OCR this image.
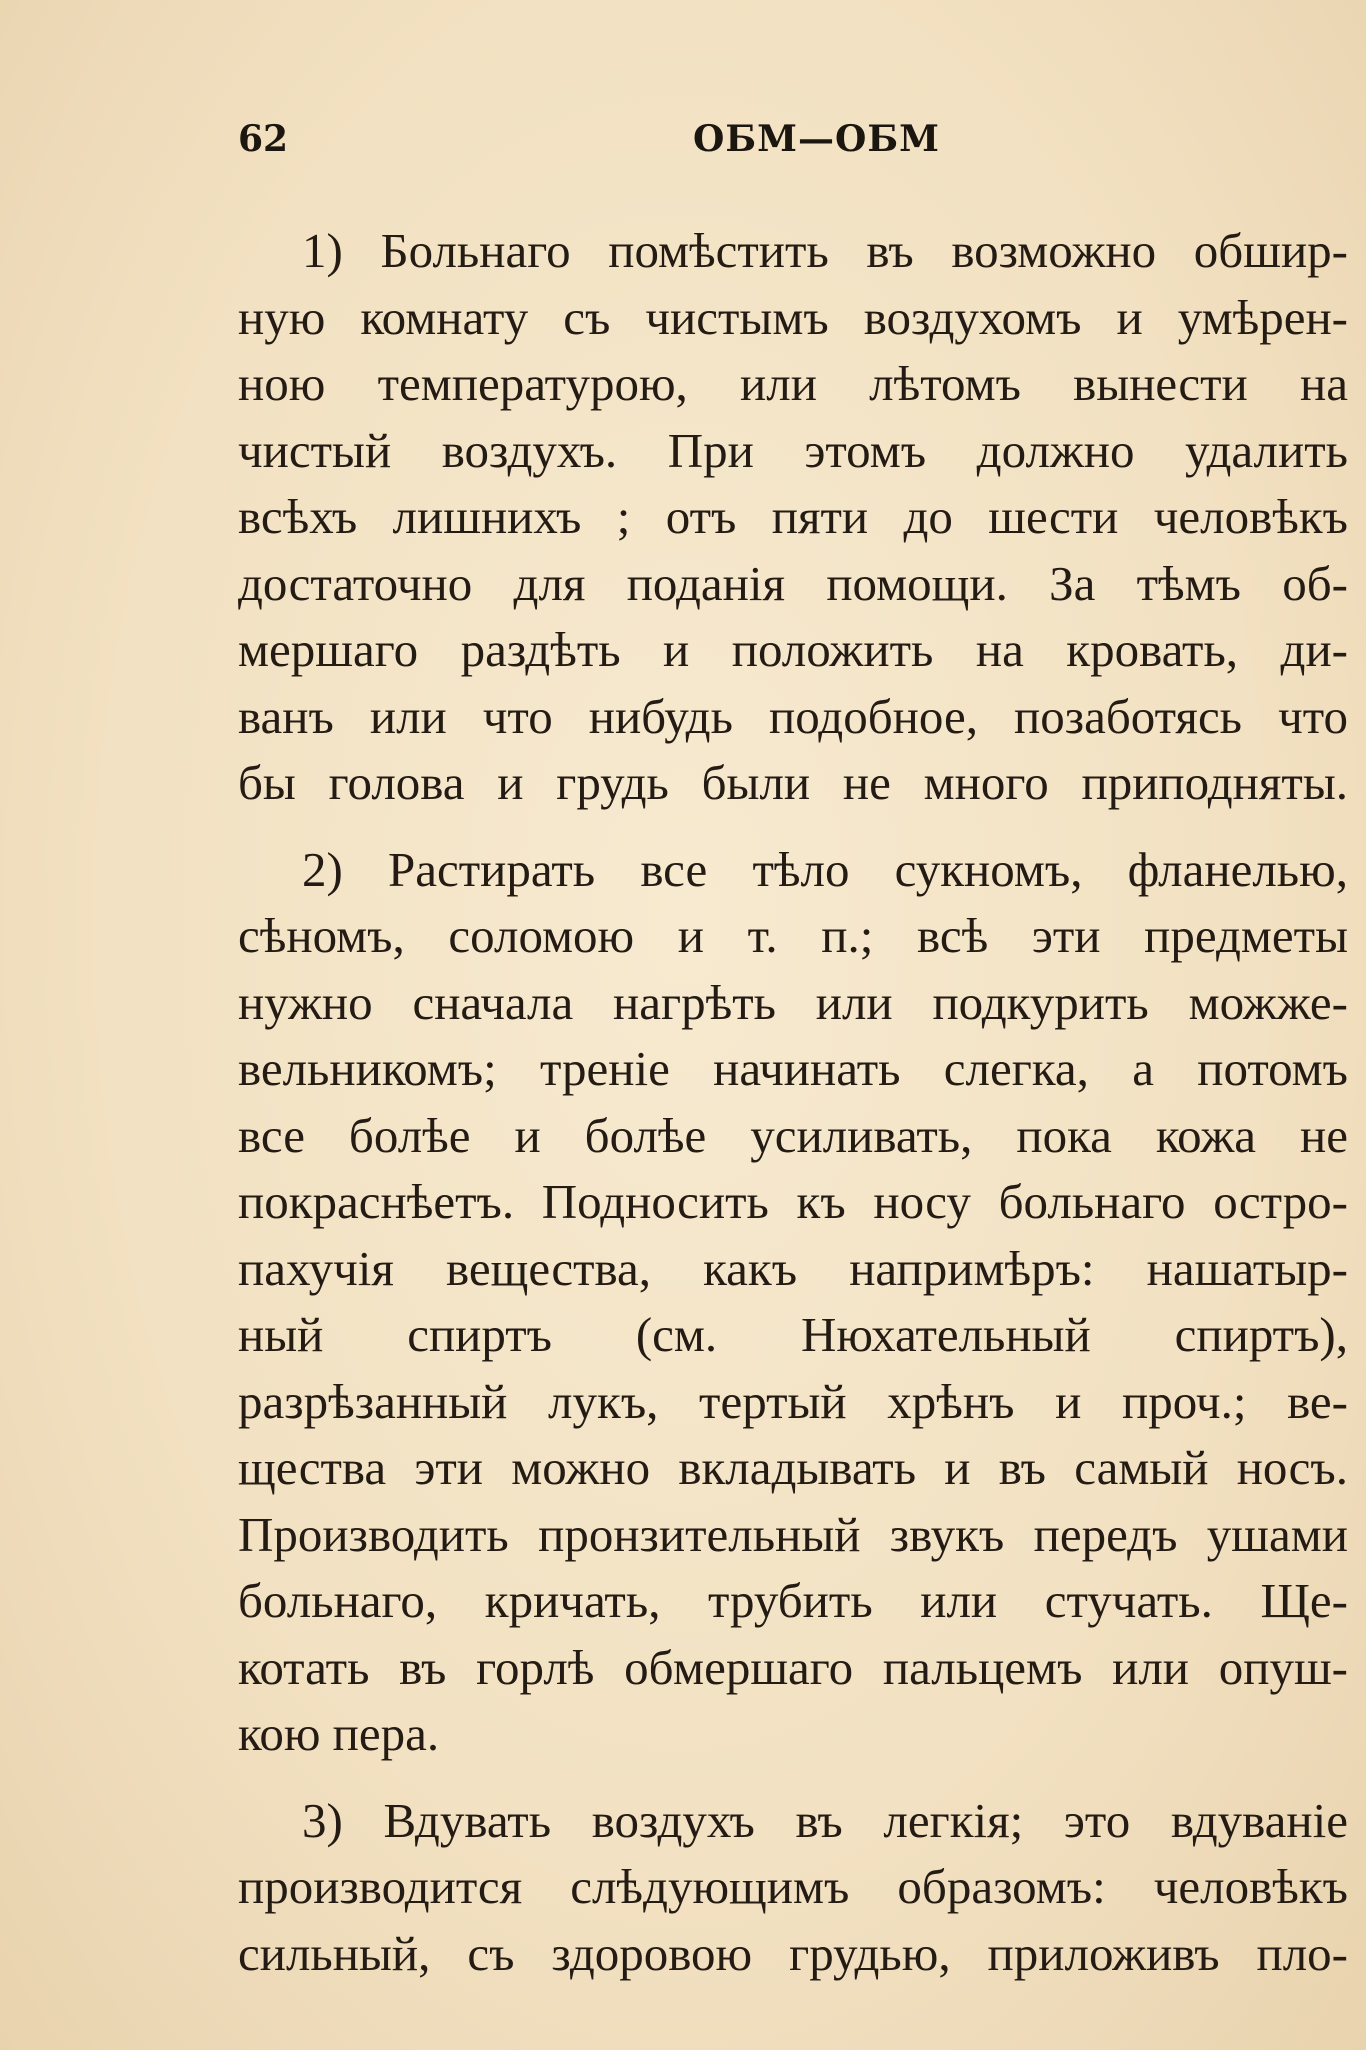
62	ОБМ—ОБМ
1) Больнаго помѣстить въ возможно обшир-
ную комнату съ чистымъ воздухомъ и умѣрен-
ною температурою, или лѣтомъ вынести на
чистый воздухъ. При этомъ должно удалить
всѣхъ лишнихъ ; отъ пяти до шести человѣкъ
достаточно для поданія помощи. За тѣмъ об-
мершаго раздѣть и положить на кровать, ди-
ванъ или что нибудь подобное, позаботясь что
бы голова и грудь были не много приподняты.
2) Растирать все тѣло сукномъ, фланелью,
сѣномъ, соломою и т. п.; всѣ эти предметы
нужно сначала нагрѣть или подкурить можже-
вельникомъ; треніе начинать слегка, а потомъ
все болѣе и болѣе усиливать, пока кожа не
покраснѣетъ. Подносить къ носу больнаго остро-
пахучія вещества, какъ напримѣръ: нашатыр-
ный спиртъ (см. Нюхательный спиртъ),
разрѣзанный лукъ, тертый хрѣнъ и проч.; ве-
щества эти можно вкладывать и въ самый носъ.
Производить пронзительный звукъ передъ ушами
больнаго, кричать, трубить или стучать. Ще-
котать въ горлѣ обмершаго пальцемъ или опуш-
кою пера.
3) Вдувать воздухъ въ легкія; это вдуваніе
производится слѣдующимъ образомъ: человѣкъ
сильный, съ здоровою грудью, приложивъ пло-
